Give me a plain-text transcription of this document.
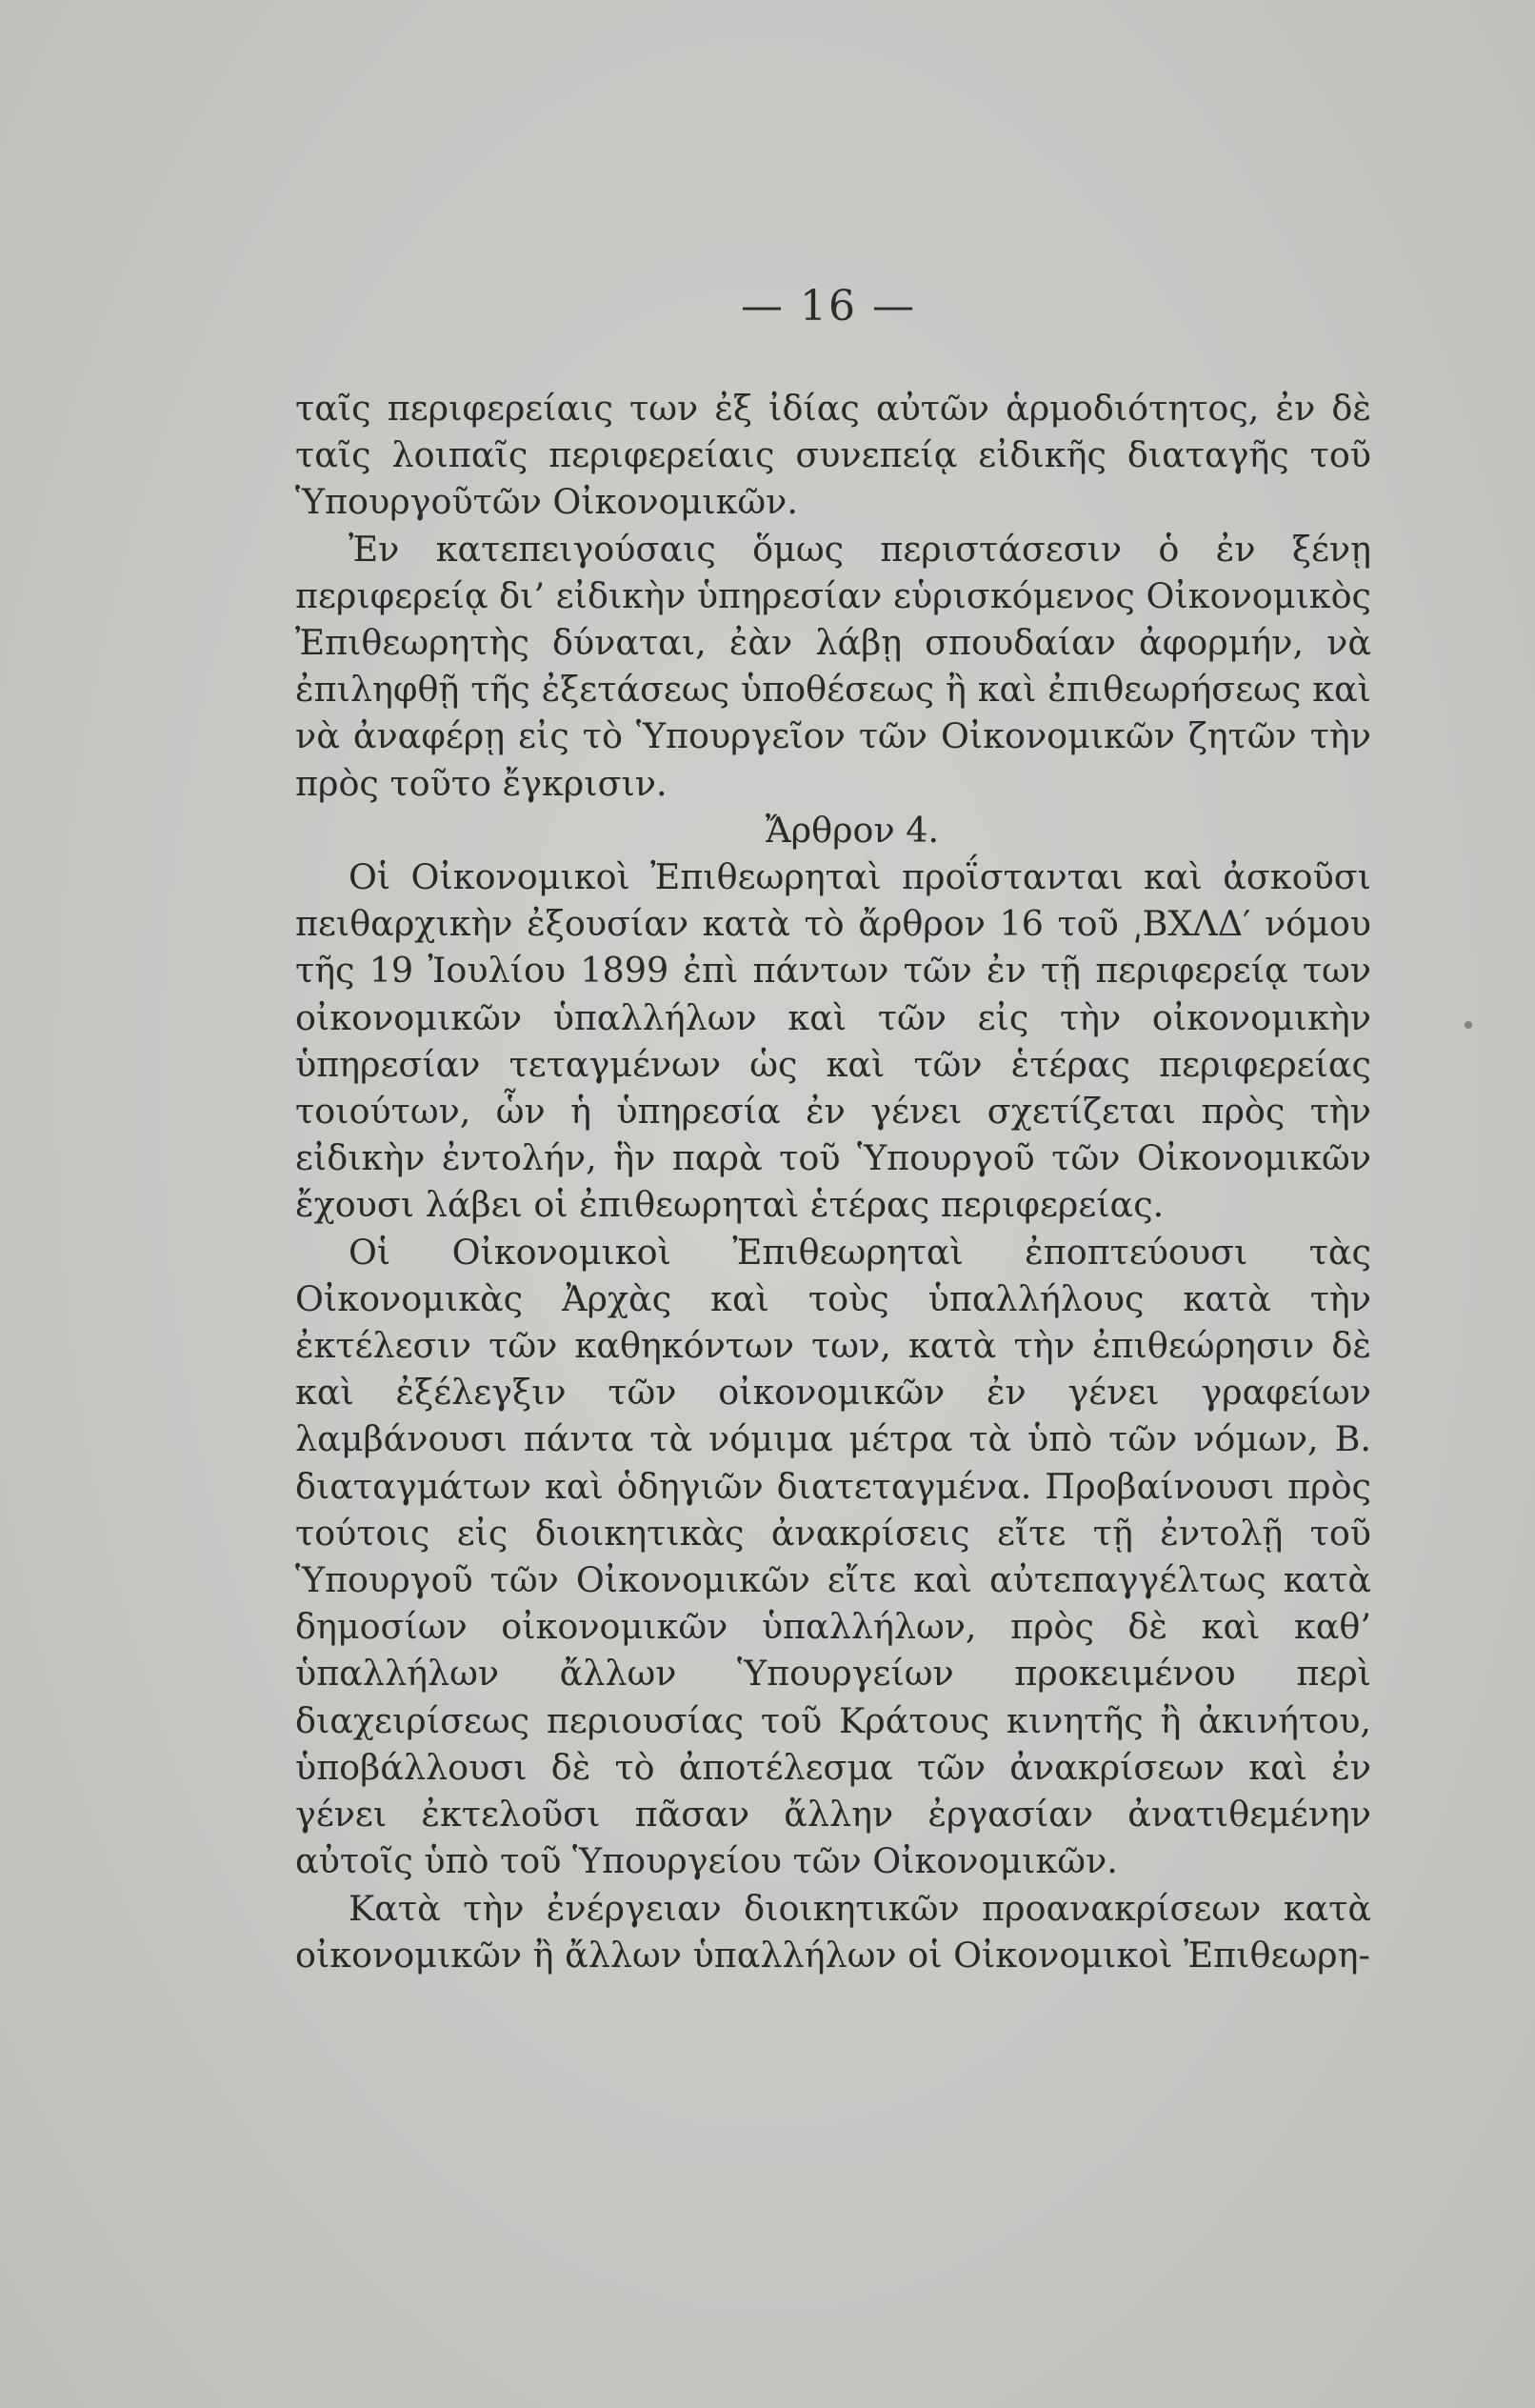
— 16 —

ταῖς περιφερείαις των ἐξ ἰδίας αὐτῶν ἁρμοδιότητος, ἐν δὲ ταῖς λοιπαῖς περιφερείαις συνεπείᾳ εἰδικῆς διαταγῆς τοῦ Ὑπουργοῦτῶν Οἰκονομικῶν.

Ἐν κατεπειγούσαις ὅμως περιστάσεσιν ὁ ἐν ξένῃ περιφερείᾳ δι’ εἰδικὴν ὑπηρεσίαν εὑρισκόμενος Οἰκονομικὸς Ἐπιθεωρητὴς δύναται, ἐὰν λάβῃ σπουδαίαν ἀφορμήν, νὰ ἐπιληφθῇ τῆς ἐξετάσεως ὑποθέσεως ἢ καὶ ἐπιθεωρήσεως καὶ νὰ ἀναφέρῃ εἰς τὸ Ὑπουργεῖον τῶν Οἰκονομικῶν ζητῶν τὴν πρὸς τοῦτο ἔγκρισιν.

Ἄρθρον 4.

Οἱ Οἰκονομικοὶ Ἐπιθεωρηταὶ προΐστανται καὶ ἀσκοῦσι πειθαρχικὴν ἐξουσίαν κατὰ τὸ ἄρθρον 16 τοῦ ͵ΒΧΛΔ′ νόμου τῆς 19 Ἰουλίου 1899 ἐπὶ πάντων τῶν ἐν τῇ περιφερείᾳ των οἰκονομικῶν ὑπαλλήλων καὶ τῶν εἰς τὴν οἰκονομικὴν ὑπηρεσίαν τεταγμένων ὡς καὶ τῶν ἑτέρας περιφερείας τοιούτων, ὧν ἡ ὑπηρεσία ἐν γένει σχετίζεται πρὸς τὴν εἰδικὴν ἐντολήν, ἣν παρὰ τοῦ Ὑπουργοῦ τῶν Οἰκονομικῶν ἔχουσι λάβει οἱ ἐπιθεωρηταὶ ἑτέρας περιφερείας.

Οἱ Οἰκονομικοὶ Ἐπιθεωρηταὶ ἐποπτεύουσι τὰς Οἰκονομικὰς Ἀρχὰς καὶ τοὺς ὑπαλλήλους κατὰ τὴν ἐκτέλεσιν τῶν καθηκόντων των, κατὰ τὴν ἐπιθεώρησιν δὲ καὶ ἐξέλεγξιν τῶν οἰκονομικῶν ἐν γένει γραφείων λαμβάνουσι πάντα τὰ νόμιμα μέτρα τὰ ὑπὸ τῶν νόμων, Β. διαταγμάτων καὶ ὁδηγιῶν διατεταγμένα. Προβαίνουσι πρὸς τούτοις εἰς διοικητικὰς ἀνακρίσεις εἴτε τῇ ἐντολῇ τοῦ Ὑπουργοῦ τῶν Οἰκονομικῶν εἴτε καὶ αὐτεπαγγέλτως κατὰ δημοσίων οἰκονομικῶν ὑπαλλήλων, πρὸς δὲ καὶ καθ’ ὑπαλλήλων ἄλλων Ὑπουργείων προκειμένου περὶ διαχειρίσεως περιουσίας τοῦ Κράτους κινητῆς ἢ ἀκινήτου, ὑποβάλλουσι δὲ τὸ ἀποτέλεσμα τῶν ἀνακρίσεων καὶ ἐν γένει ἐκτελοῦσι πᾶσαν ἄλλην ἐργασίαν ἀνατιθεμένην αὐτοῖς ὑπὸ τοῦ Ὑπουργείου τῶν Οἰκονομικῶν.

Κατὰ τὴν ἐνέργειαν διοικητικῶν προανακρίσεων κατὰ οἰκονομικῶν ἢ ἄλλων ὑπαλλήλων οἱ Οἰκονομικοὶ Ἐπιθεωρη-
